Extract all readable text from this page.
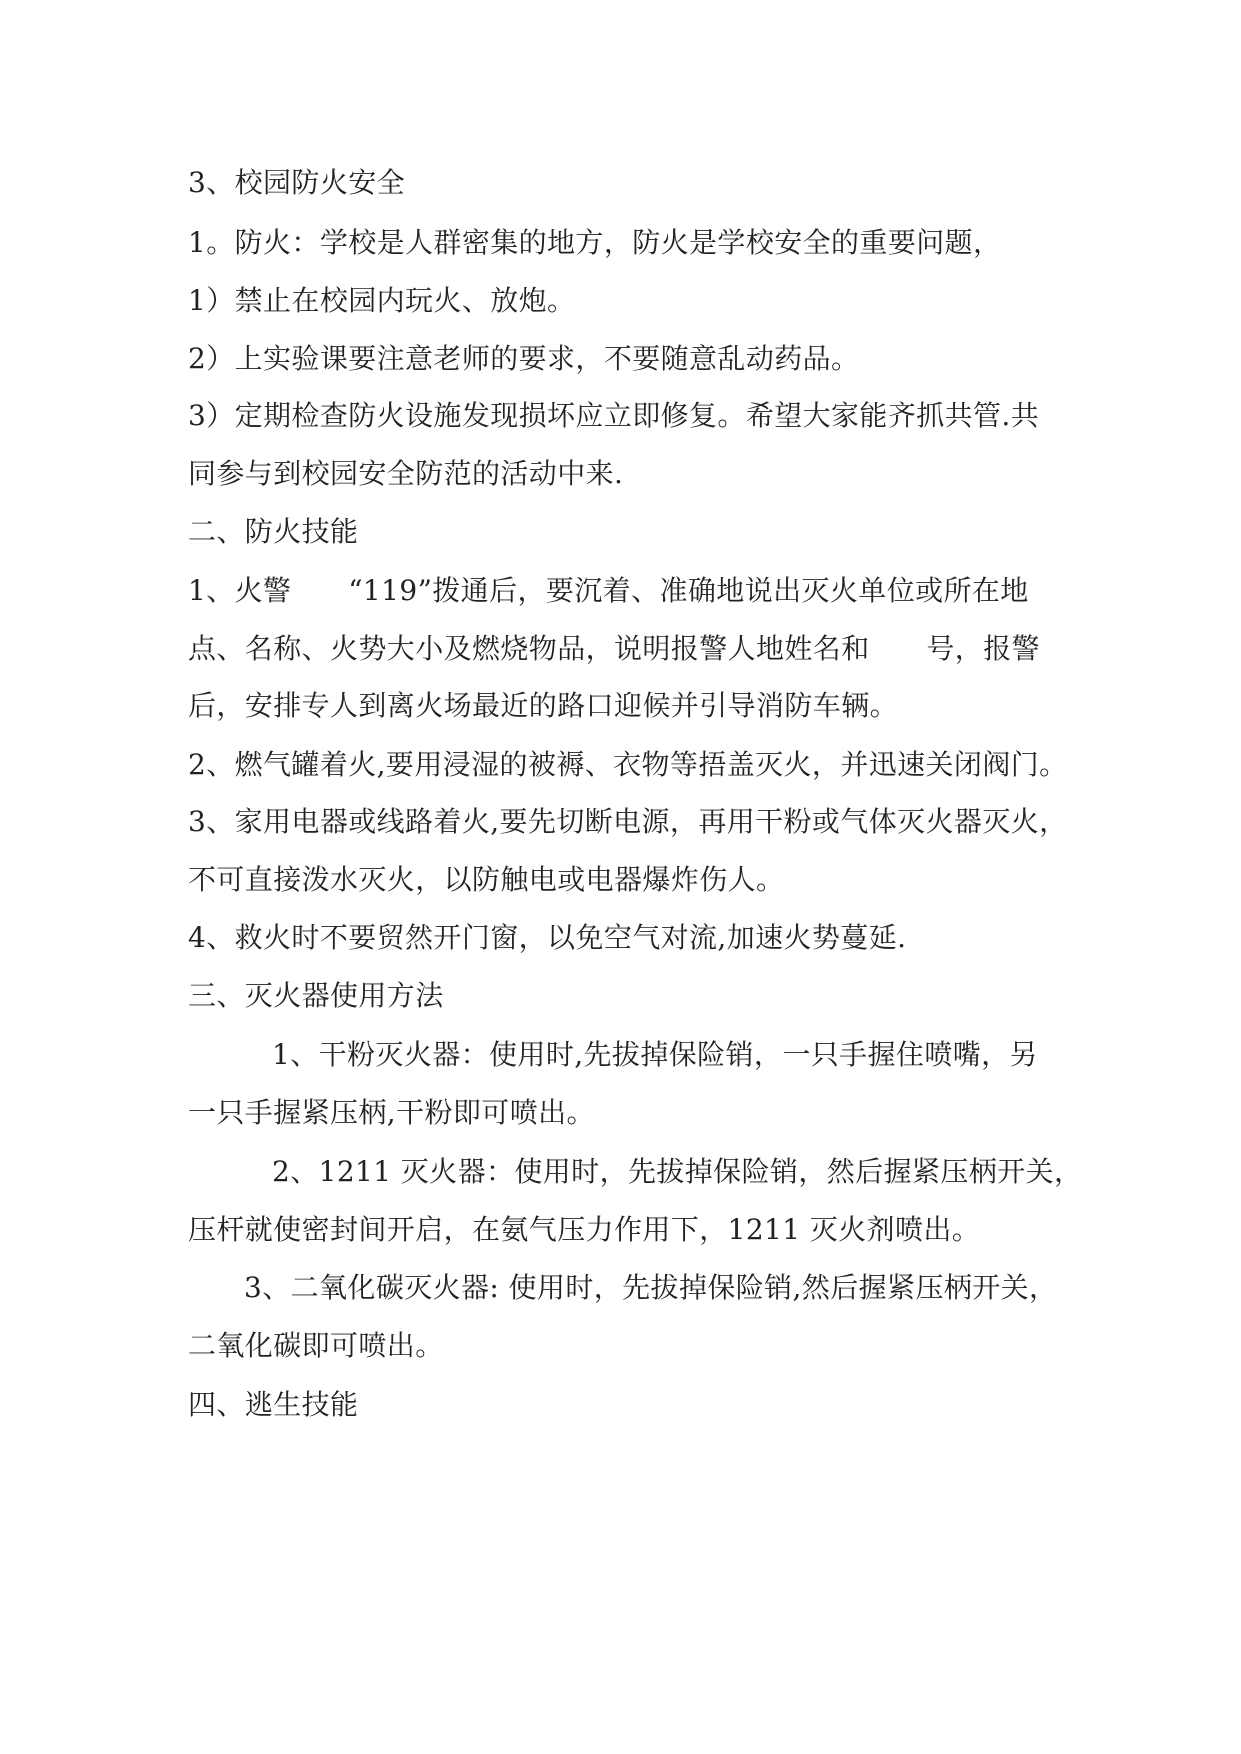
3、校园防火安全
1。防火：学校是人群密集的地方，防火是学校安全的重要问题，
1）禁止在校园内玩火、放炮。
2）上实验课要注意老师的要求，不要随意乱动药品。
3）定期检查防火设施发现损坏应立即修复。希望大家能齐抓共管.共
同参与到校园安全防范的活动中来.
二、防火技能
1、火警　　“119”拨通后，要沉着、准确地说出灭火单位或所在地
点、名称、火势大小及燃烧物品，说明报警人地姓名和　　号，报警
后，安排专人到离火场最近的路口迎候并引导消防车辆。
2、燃气罐着火,要用浸湿的被褥、衣物等捂盖灭火，并迅速关闭阀门。
3、家用电器或线路着火,要先切断电源，再用干粉或气体灭火器灭火，
不可直接泼水灭火，以防触电或电器爆炸伤人。
4、救火时不要贸然开门窗，以免空气对流,加速火势蔓延.
三、灭火器使用方法
1、干粉灭火器：使用时,先拔掉保险销，一只手握住喷嘴，另
一只手握紧压柄,干粉即可喷出。
2、1211 灭火器：使用时，先拔掉保险销，然后握紧压柄开关，
压杆就使密封间开启，在氨气压力作用下，1211 灭火剂喷出。
3、二氧化碳灭火器: 使用时，先拔掉保险销,然后握紧压柄开关，
二氧化碳即可喷出。
四、逃生技能
